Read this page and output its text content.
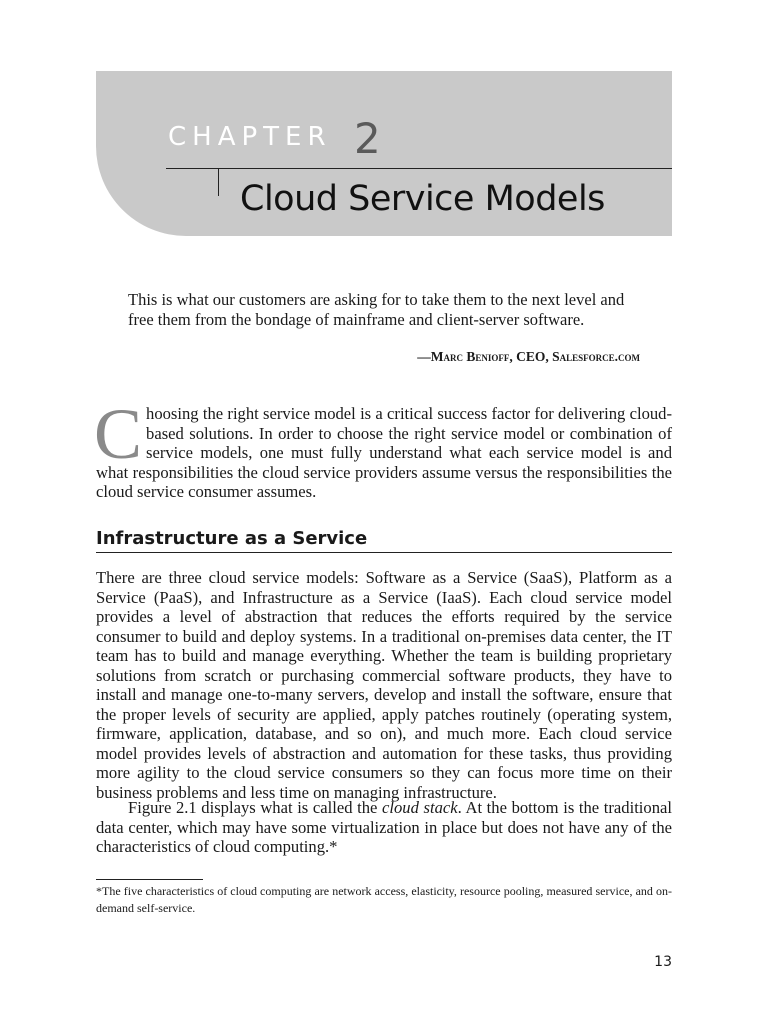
CHAPTER 2
Cloud Service Models
This is what our customers are asking for to take them to the next level and free them from the bondage of mainframe and client-server software.
—Marc Benioff, CEO, Salesforce.com
Choosing the right service model is a critical success factor for delivering cloud-based solutions. In order to choose the right service model or combination of service models, one must fully understand what each service model is and what responsibilities the cloud service providers assume versus the responsibilities the cloud service consumer assumes.
Infrastructure as a Service
There are three cloud service models: Software as a Service (SaaS), Platform as a Service (PaaS), and Infrastructure as a Service (IaaS). Each cloud service model provides a level of abstraction that reduces the efforts required by the service consumer to build and deploy systems. In a traditional on-premises data center, the IT team has to build and manage everything. Whether the team is building proprietary solutions from scratch or purchasing commercial software products, they have to install and manage one-to-many servers, develop and install the software, ensure that the proper levels of security are applied, apply patches routinely (operating system, firmware, application, database, and so on), and much more. Each cloud service model provides levels of abstraction and automation for these tasks, thus providing more agility to the cloud service consumers so they can focus more time on their business problems and less time on managing infrastructure.
Figure 2.1 displays what is called the cloud stack. At the bottom is the traditional data center, which may have some virtualization in place but does not have any of the characteristics of cloud computing.*
*The five characteristics of cloud computing are network access, elasticity, resource pooling, measured service, and on-demand self-service.
13
